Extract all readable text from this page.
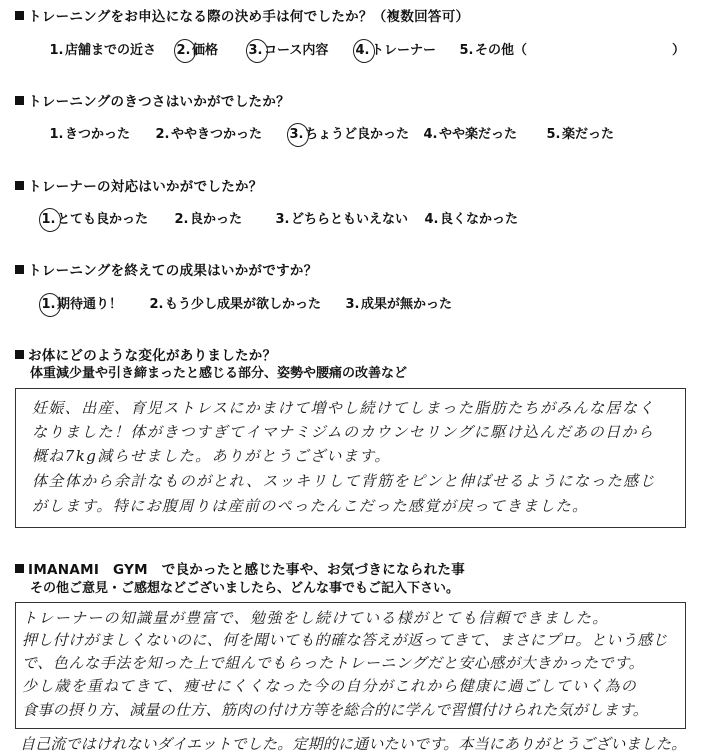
トレーニングをお申込になる際の決め手は何でしたか？（複数回答可）
1. 店舗までの近さ 2. 価格 3. コース内容 4. トレーナー 5. その他（	）
トレーニングのきつさはいかがでしたか？
1. きつかった 2. ややきつかった 3. ちょうど良かった 4. やや楽だった 5. 楽だった
トレーナーの対応はいかがでしたか？
1. とても良かった 2. 良かった	3. どちらともいえない 4. 良くなかった
トレーニングを終えての成果はいかがですか？
1. 期待通り！ 2. もう少し成果が欲しかった 3. 成果が無かった
お体にどのような変化がありましたか？
体重減少量や引き締まったと感じる部分、姿勢や腰痛の改善など
妊娠、出産、育児ストレスにかまけて増やし続けてしまった脂肪たちがみんな居なく
なりました！体がきつすぎてイマナミジムのカウンセリングに駆け込んだあの日から
概ね7kg減らせました。ありがとうございます。
体全体から余計なものがとれ、スッキリして背筋をピンと伸ばせるようになった感じ
がします。特にお腹周りは産前のぺったんこだった感覚が戻ってきました。
IMANAMI　GYM　で良かったと感じた事や、お気づきになられた事
その他ご意見・ご感想などございましたら、どんな事でもご記入下さい。
トレーナーの知識量が豊富で、勉強をし続けている様がとても信頼できました。
押し付けがましくないのに、何を聞いても的確な答えが返ってきて、まさにプロ。という感じ
で、色んな手法を知った上で組んでもらったトレーニングだと安心感が大きかったです。
少し歳を重ねてきて、痩せにくくなった今の自分がこれから健康に過ごしていく為の
食事の摂り方、減量の仕方、筋肉の付け方等を総合的に学んで習慣付けられた気がします。
自己流ではけれないダイエットでした。定期的に通いたいです。本当にありがとうございました。
